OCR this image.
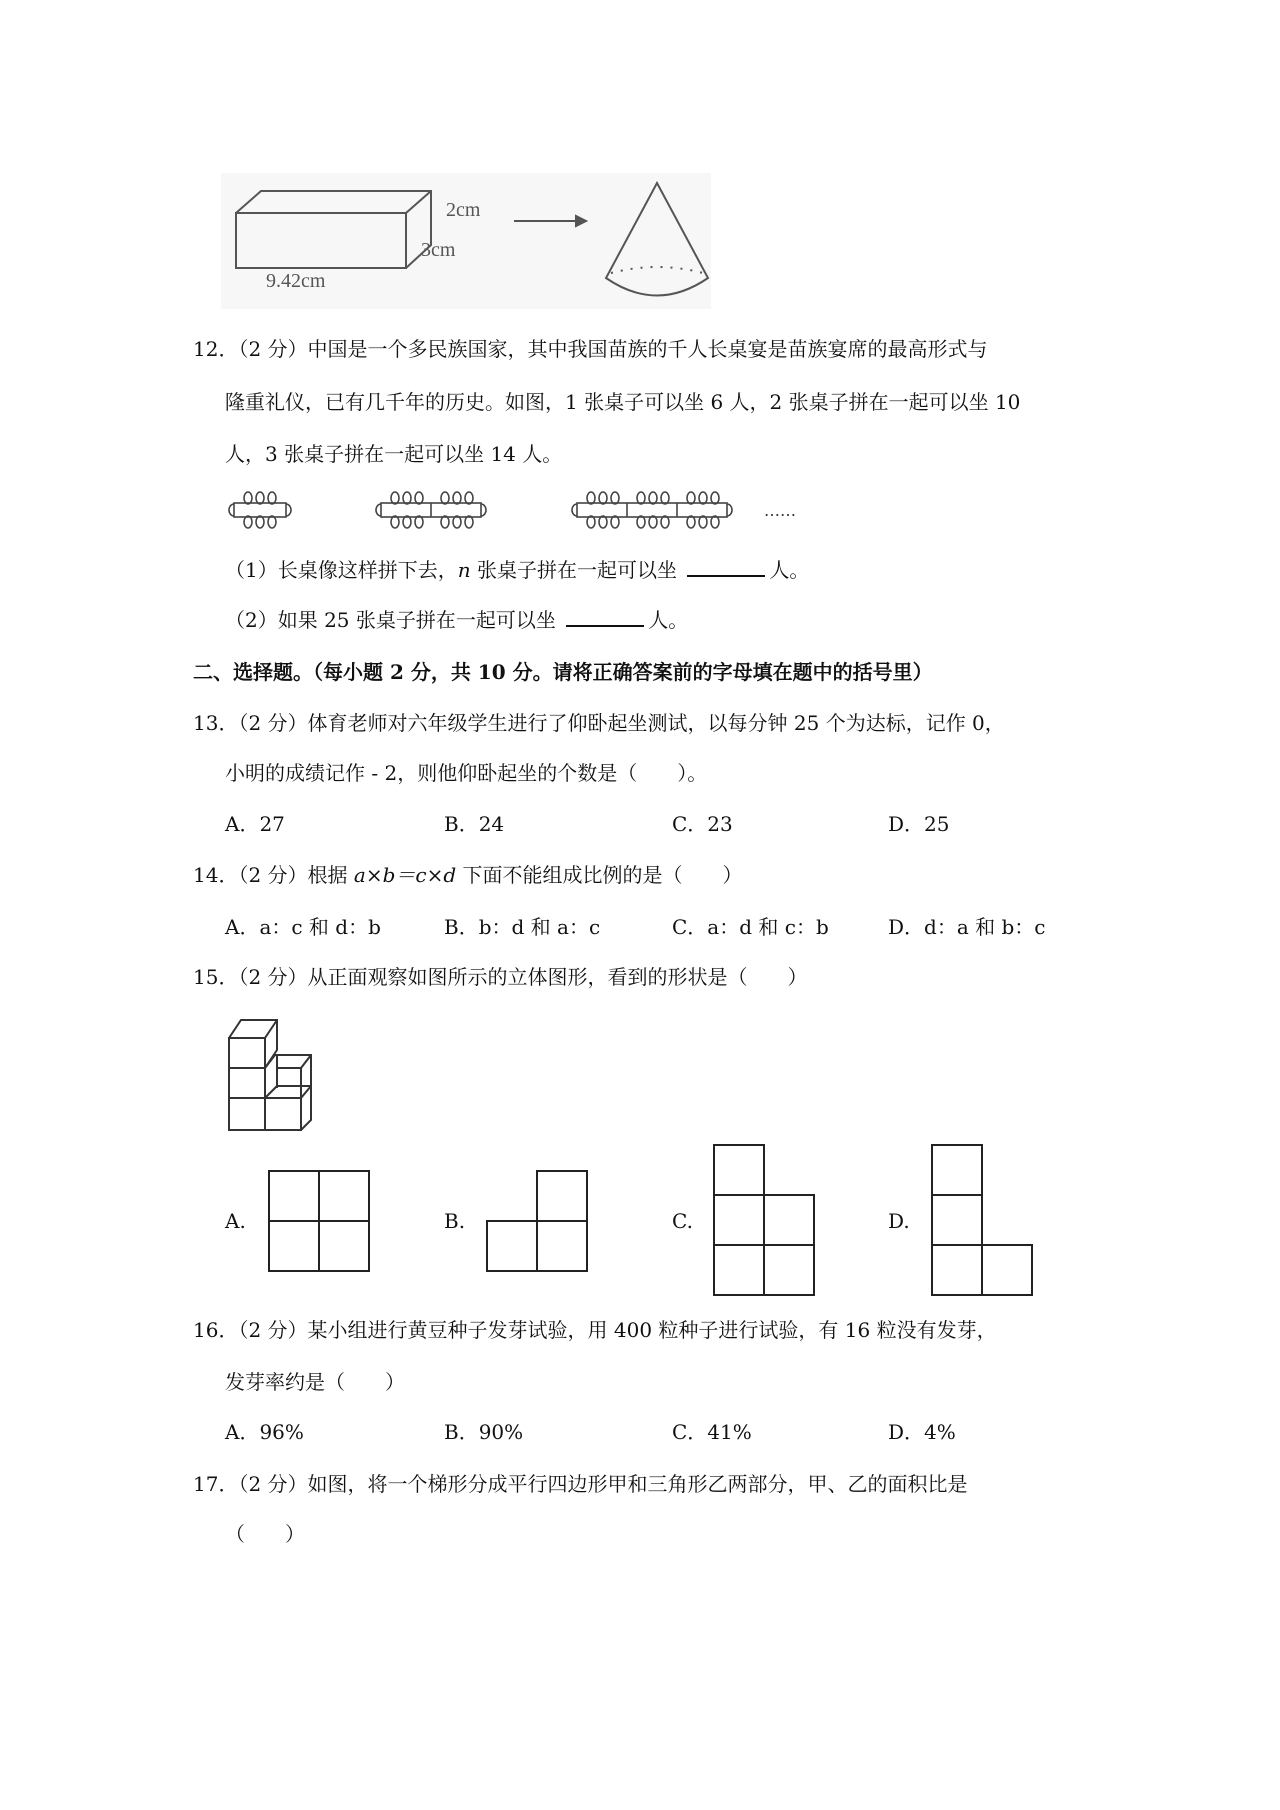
2cm
3cm
9.42cm
12．（2 分）中国是一个多民族国家，其中我国苗族的千人长桌宴是苗族宴席的最高形式与
隆重礼仪，已有几千年的历史。如图，1 张桌子可以坐 6 人，2 张桌子拼在一起可以坐 10
人，3 张桌子拼在一起可以坐 14 人。
……
（1）长桌像这样拼下去，n 张桌子拼在一起可以坐	人。
（2）如果 25 张桌子拼在一起可以坐	人。
二、选择题。（每小题 2 分，共 10 分。请将正确答案前的字母填在题中的括号里）
13．（2 分）体育老师对六年级学生进行了仰卧起坐测试，以每分钟 25 个为达标，记作 0，
小明的成绩记作 - 2，则他仰卧起坐的个数是（　　）。
A．27	B．24	C．23	D．25
14．（2 分）根据 a×b＝c×d 下面不能组成比例的是（　　）
A．a：c 和 d：b	B．b：d 和 a：c	C．a：d 和 c：b	D．d：a 和 b：c
15．（2 分）从正面观察如图所示的立体图形，看到的形状是（　　）
A.	B.	C.	D.
16．（2 分）某小组进行黄豆种子发芽试验，用 400 粒种子进行试验，有 16 粒没有发芽，
发芽率约是（　　）
A．96%	B．90%	C．41%	D．4%
17．（2 分）如图，将一个梯形分成平行四边形甲和三角形乙两部分，甲、乙的面积比是
（　　）
